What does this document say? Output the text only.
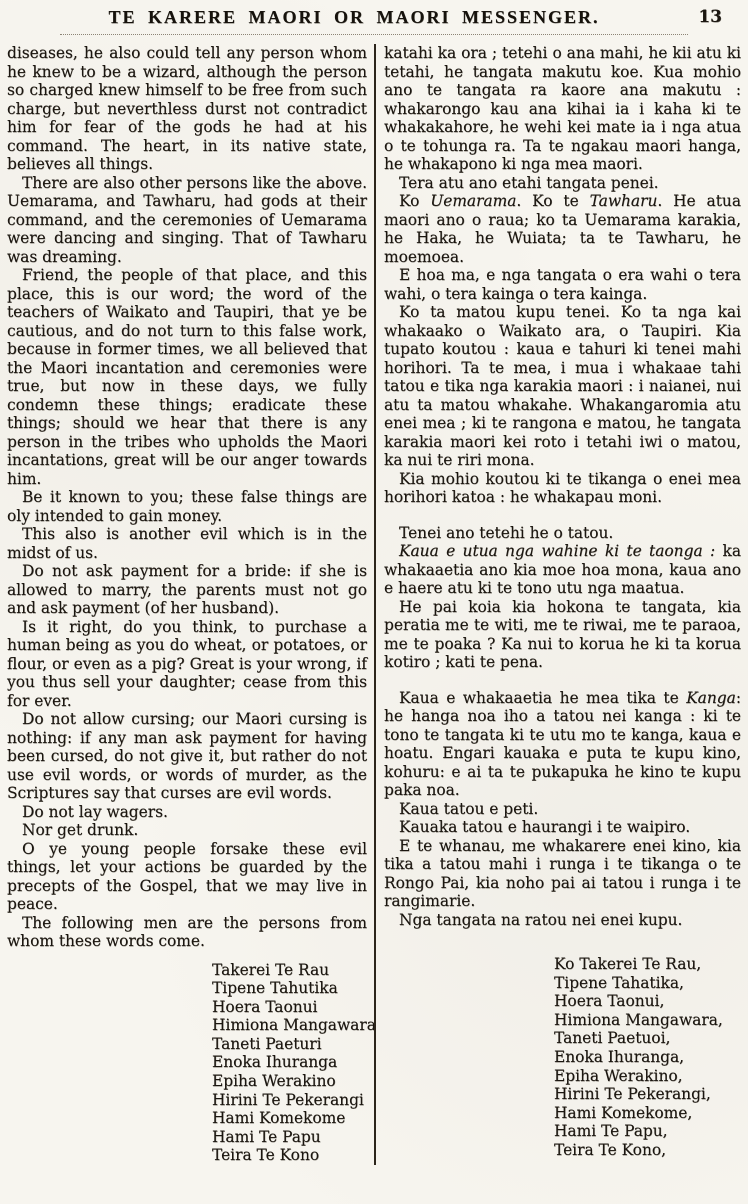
TE KARERE MAORI OR MAORI MESSENGER.	13

diseases, he also could tell any person whom he knew to be a wizard, although the person so charged knew himself to be free from such charge, but neverthless durst not contradict him for fear of the gods he had at his command. The heart, in its native state, believes all things.

There are also other persons like the above. Uemarama, and Tawharu, had gods at their command, and the ceremonies of Uemarama were dancing and singing. That of Tawharu was dreaming.

Friend, the people of that place, and this place, this is our word; the word of the teachers of Waikato and Taupiri, that ye be cautious, and do not turn to this false work, because in former times, we all believed that the Maori incantation and ceremonies were true, but now in these days, we fully condemn these things; eradicate these things; should we hear that there is any person in the tribes who upholds the Maori incantations, great will be our anger towards him.

Be it known to you; these false things are oly intended to gain money.

This also is another evil which is in the midst of us.

Do not ask payment for a bride: if she is allowed to marry, the parents must not go and ask payment (of her husband).

Is it right, do you think, to purchase a human being as you do wheat, or potatoes, or flour, or even as a pig? Great is your wrong, if you thus sell your daughter; cease from this for ever.

Do not allow cursing; our Maori cursing is nothing: if any man ask payment for having been cursed, do not give it, but rather do not use evil words, or words of murder, as the Scriptures say that curses are evil words.

Do not lay wagers.

Nor get drunk.

O ye young people forsake these evil things, let your actions be guarded by the precepts of the Gospel, that we may live in peace.

The following men are the persons from whom these words come.

Takerei Te Rau
Tipene Tahutika
Hoera Taonui
Himiona Mangawara
Taneti Paeturi
Enoka Ihuranga
Epiha Werakino
Hirini Te Pekerangi
Hami Komekome
Hami Te Papu
Teira Te Kono

katahi ka ora ; tetehi o ana mahi, he kii atu ki tetahi, he tangata makutu koe. Kua mohio ano te tangata ra kaore ana makutu : whakarongo kau ana kihai ia i kaha ki te whakakahore, he wehi kei mate ia i nga atua o te tohunga ra. Ta te ngakau maori hanga, he whakapono ki nga mea maori.

Tera atu ano etahi tangata penei.

Ko Uemarama. Ko te Tawharu. He atua maori ano o raua; ko ta Uemarama karakia, he Haka, he Wuiata; ta te Tawharu, he moemoea.

E hoa ma, e nga tangata o era wahi o tera wahi, o tera kainga o tera kainga.

Ko ta matou kupu tenei. Ko ta nga kai whakaako o Waikato ara, o Taupiri. Kia tupato koutou : kaua e tahuri ki tenei mahi horihori. Ta te mea, i mua i whakaae tahi tatou e tika nga karakia maori : i naianei, nui atu ta matou whakahe. Whakangaromia atu enei mea ; ki te rangona e matou, he tangata karakia maori kei roto i tetahi iwi o matou, ka nui te riri mona.

Kia mohio koutou ki te tikanga o enei mea horihori katoa : he whakapau moni.

Tenei ano tetehi he o tatou.

Kaua e utua nga wahine ki te taonga : ka whakaaetia ano kia moe hoa mona, kaua ano e haere atu ki te tono utu nga maatua.

He pai koia kia hokona te tangata, kia peratia me te witi, me te riwai, me te paraoa, me te poaka ? Ka nui to korua he ki ta korua kotiro ; kati te pena.

Kaua e whakaaetia he mea tika te Kanga: he hanga noa iho a tatou nei kanga : ki te tono te tangata ki te utu mo te kanga, kaua e hoatu. Engari kauaka e puta te kupu kino, kohuru: e ai ta te pukapuka he kino te kupu paka noa.

Kaua tatou e peti.

Kauaka tatou e haurangi i te waipiro.

E te whanau, me whakarere enei kino, kia tika a tatou mahi i runga i te tikanga o te Rongo Pai, kia noho pai ai tatou i runga i te rangimarie.

Nga tangata na ratou nei enei kupu.

Ko Takerei Te Rau,
Tipene Tahatika,
Hoera Taonui,
Himiona Mangawara,
Taneti Paetuoi,
Enoka Ihuranga,
Epiha Werakino,
Hirini Te Pekerangi,
Hami Komekome,
Hami Te Papu,
Teira Te Kono,
